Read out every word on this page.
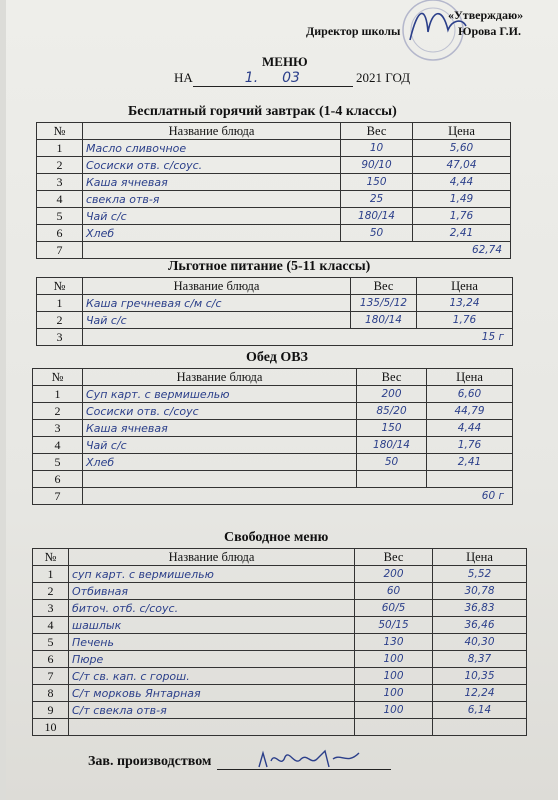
«Утверждаю»
Директор школы	Юрова Г.И.
МЕНЮ
НА	1. 03	2021 ГОД
Бесплатный горячий завтрак (1-4 классы)
№	Название блюда	Вес	Цена
1	Масло сливочное	10	5,60
2	Сосиски отв. с/соус.	90/10	47,04
3	Каша ячневая	150	4,44
4	свекла отв-я	25	1,49
5	Чай с/с	180/14	1,76
6	Хлеб	50	2,41
7	62,74		
Льготное питание (5-11 классы)
№	Название блюда	Вес	Цена
1	Каша гречневая с/м с/с	135/5/12	13,24
2	Чай с/с	180/14	1,76
3	15 г		
Обед ОВЗ
№	Название блюда	Вес	Цена
1	Суп карт. с вермишелью	200	6,60
2	Сосиски отв. с/соус	85/20	44,79
3	Каша ячневая	150	4,44
4	Чай с/с	180/14	1,76
5	Хлеб	50	2,41
6			
7	60 г		
Свободное меню
№	Название блюда	Вес	Цена
1	суп карт. с вермишелью	200	5,52
2	Отбивная	60	30,78
3	биточ. отб. с/соус.	60/5	36,83
4	шашлык	50/15	36,46
5	Печень	130	40,30
6	Пюре	100	8,37
7	С/т св. кап. с горош.	100	10,35
8	С/т морковь Янтарная	100	12,24
9	С/т свекла отв-я	100	6,14
10			
Зав. производством
